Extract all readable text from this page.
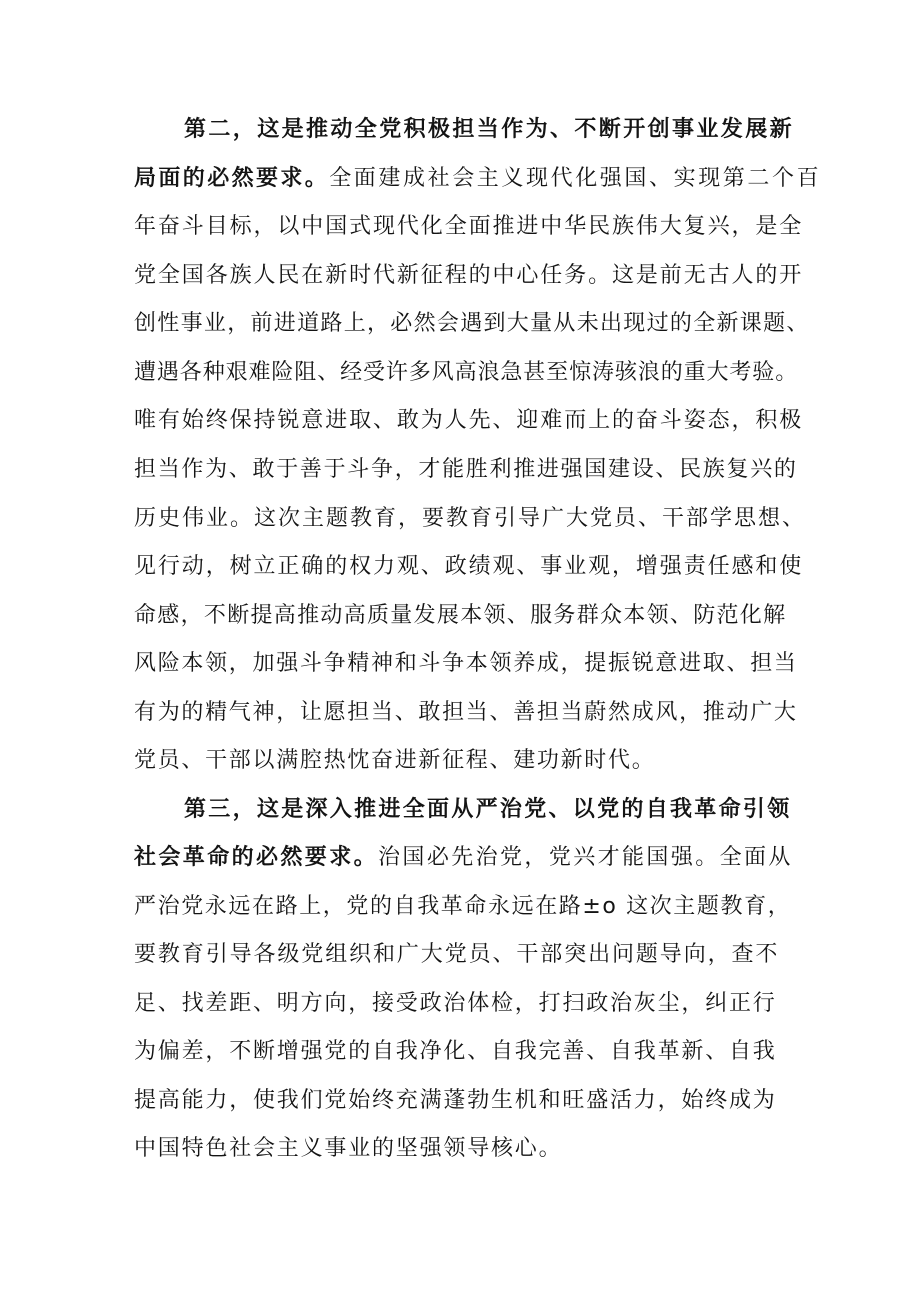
第二，这是推动全党积极担当作为、不断开创事业发展新
局面的必然要求。全面建成社会主义现代化强国、实现第二个百
年奋斗目标，以中国式现代化全面推进中华民族伟大复兴，是全
党全国各族人民在新时代新征程的中心任务。这是前无古人的开
创性事业，前进道路上，必然会遇到大量从未出现过的全新课题、
遭遇各种艰难险阻、经受许多风高浪急甚至惊涛骇浪的重大考验。
唯有始终保持锐意进取、敢为人先、迎难而上的奋斗姿态，积极
担当作为、敢于善于斗争，才能胜利推进强国建设、民族复兴的
历史伟业。这次主题教育，要教育引导广大党员、干部学思想、
见行动，树立正确的权力观、政绩观、事业观，增强责任感和使
命感，不断提高推动高质量发展本领、服务群众本领、防范化解
风险本领，加强斗争精神和斗争本领养成，提振锐意进取、担当
有为的精气神，让愿担当、敢担当、善担当蔚然成风，推动广大
党员、干部以满腔热忱奋进新征程、建功新时代。
第三，这是深入推进全面从严治党、以党的自我革命引领
社会革命的必然要求。治国必先治党，党兴才能国强。全面从
严治党永远在路上，党的自我革命永远在路±o 这次主题教育，
要教育引导各级党组织和广大党员、干部突出问题导向，查不
足、找差距、明方向，接受政治体检，打扫政治灰尘，纠正行
为偏差，不断增强党的自我净化、自我完善、自我革新、自我
提高能力，使我们党始终充满蓬勃生机和旺盛活力，始终成为
中国特色社会主义事业的坚强领导核心。
